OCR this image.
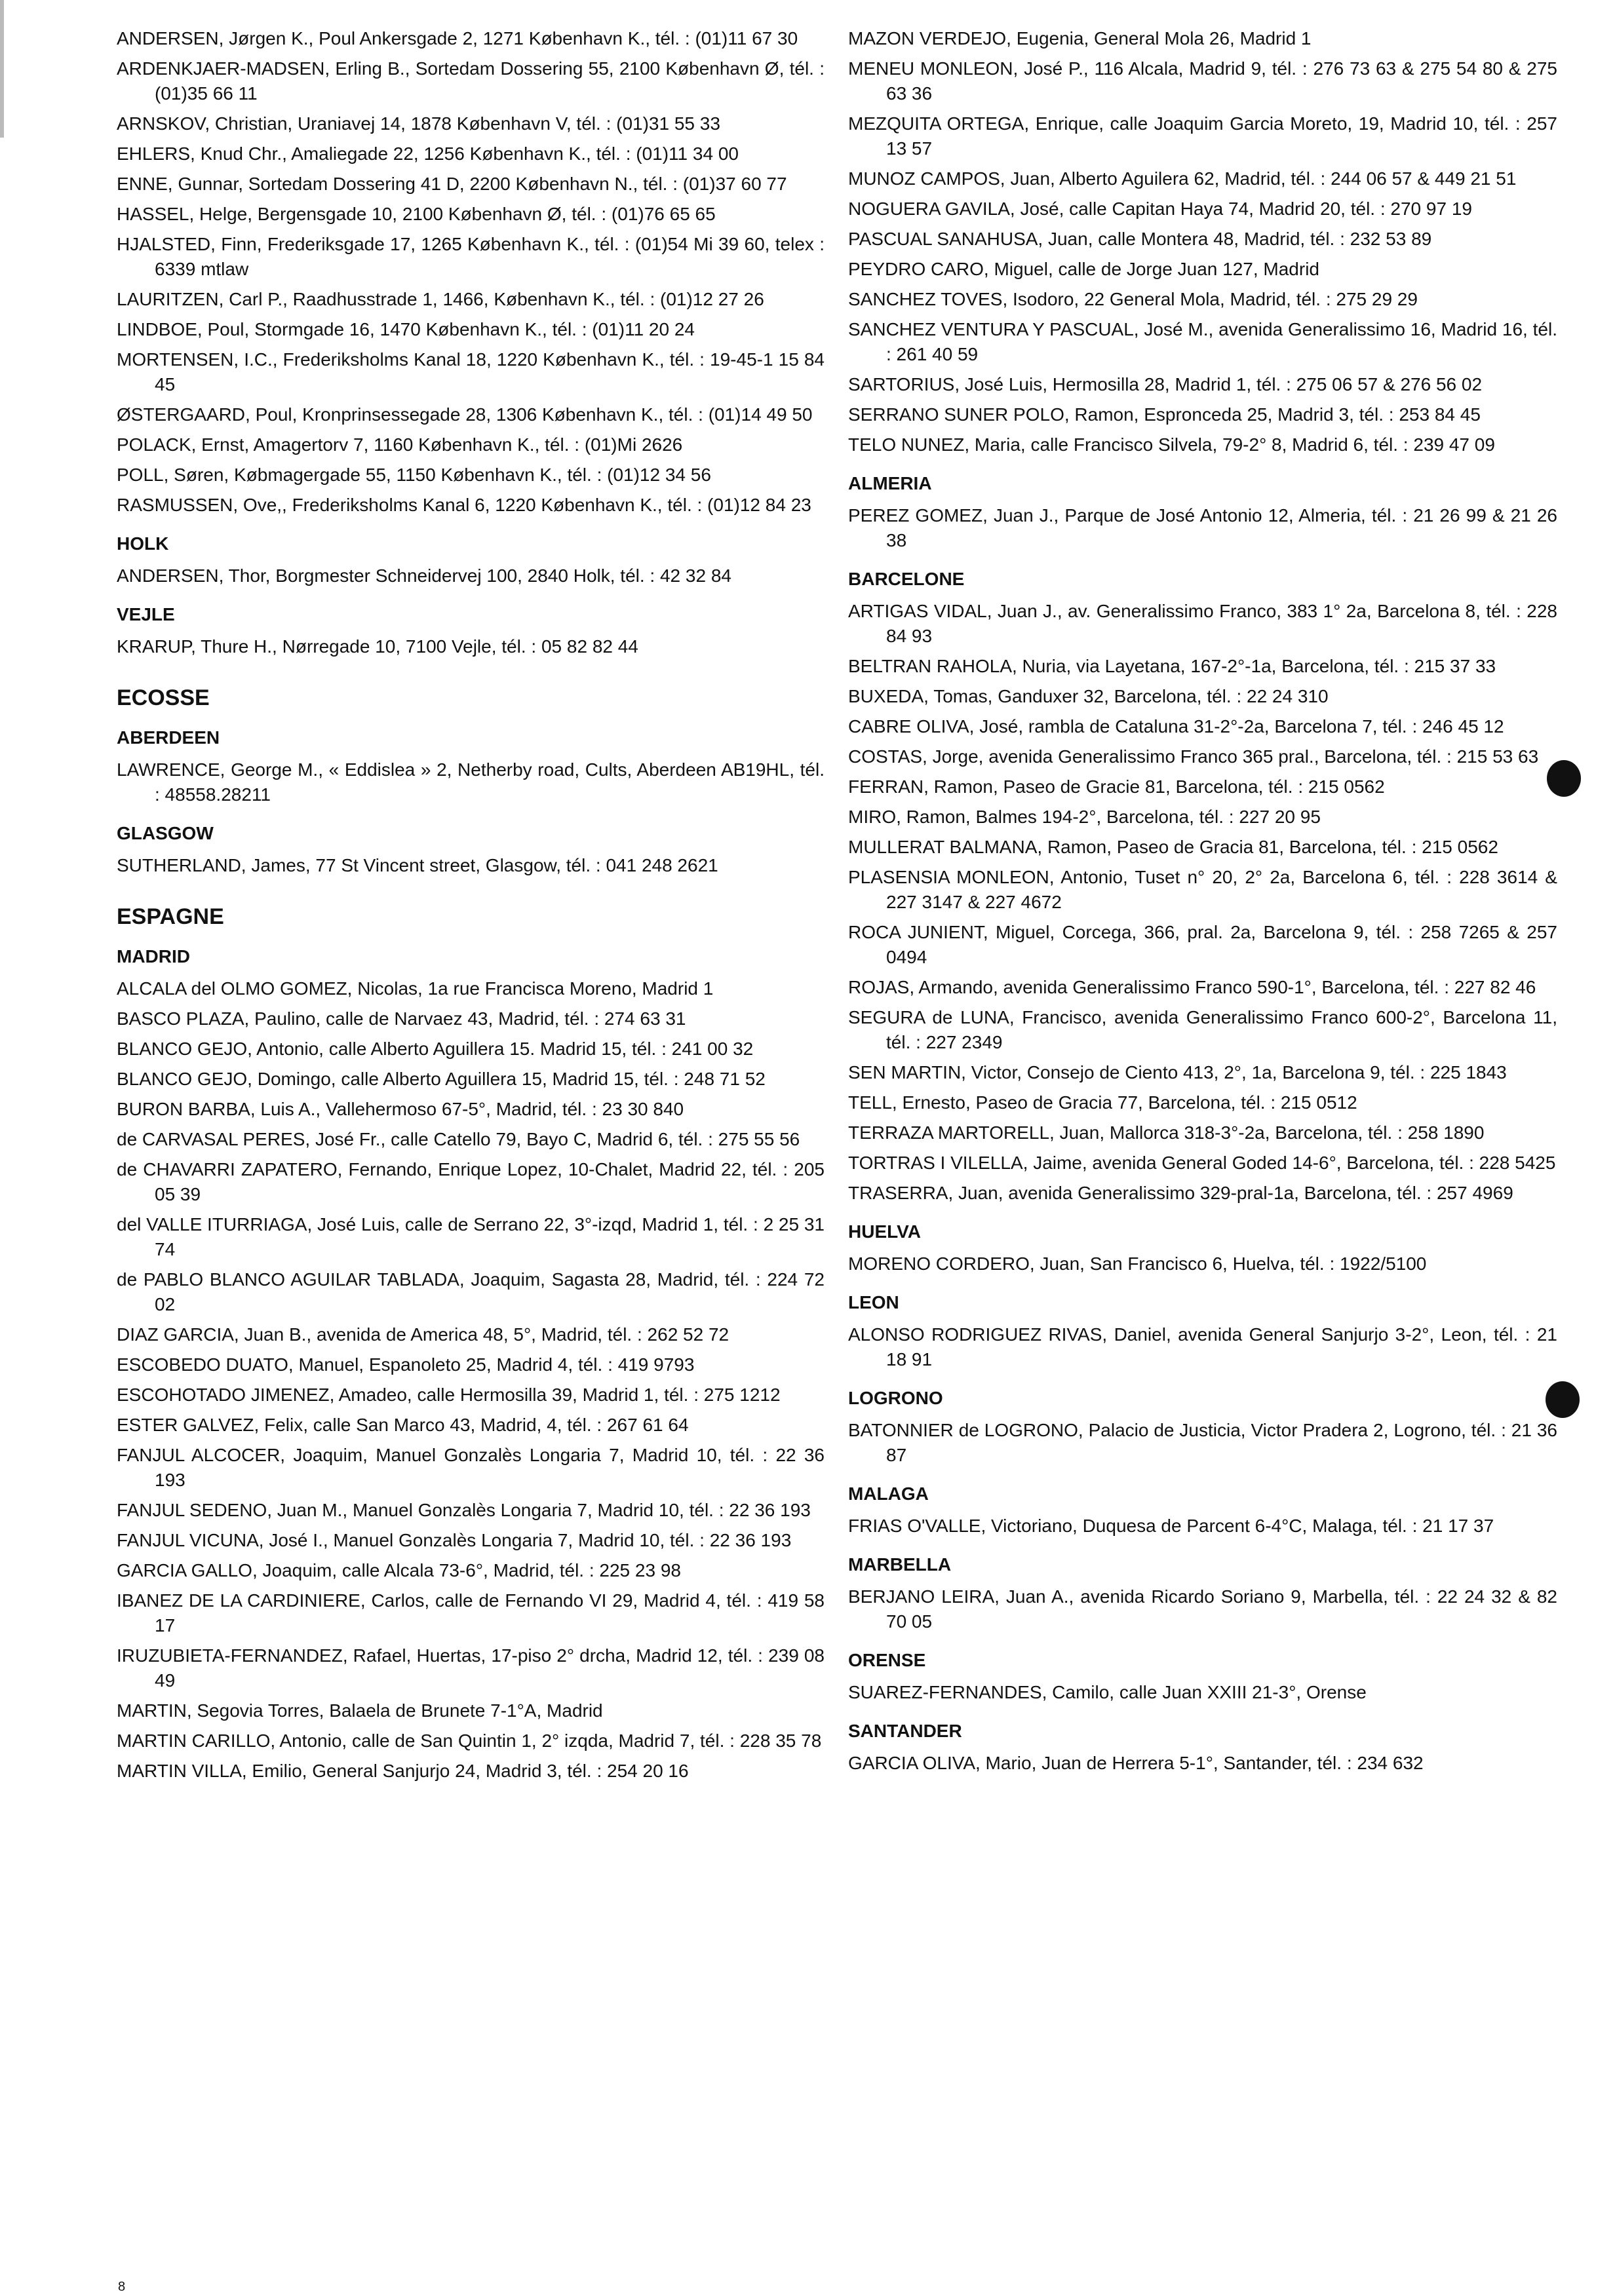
ANDERSEN, Jørgen K., Poul Ankersgade 2, 1271 København K., tél. : (01)11 67 30
ARDENKJAER-MADSEN, Erling B., Sortedam Dossering 55, 2100 København Ø, tél. : (01)35 66 11
ARNSKOV, Christian, Uraniavej 14, 1878 København V, tél. : (01)31 55 33
EHLERS, Knud Chr., Amaliegade 22, 1256 København K., tél. : (01)11 34 00
ENNE, Gunnar, Sortedam Dossering 41 D, 2200 København N., tél. : (01)37 60 77
HASSEL, Helge, Bergensgade 10, 2100 København Ø, tél. : (01)76 65 65
HJALSTED, Finn, Frederiksgade 17, 1265 København K., tél. : (01)54 Mi 39 60, telex : 6339 mtlaw
LAURITZEN, Carl P., Raadhusstrade 1, 1466, København K., tél. : (01)12 27 26
LINDBOE, Poul, Stormgade 16, 1470 København K., tél. : (01)11 20 24
MORTENSEN, I.C., Frederiksholms Kanal 18, 1220 København K., tél. : 19-45-1 15 84 45
ØSTERGAARD, Poul, Kronprinsessegade 28, 1306 København K., tél. : (01)14 49 50
POLACK, Ernst, Amagertorv 7, 1160 København K., tél. : (01)Mi 2626
POLL, Søren, Købmagergade 55, 1150 København K., tél. : (01)12 34 56
RASMUSSEN, Ove,, Frederiksholms Kanal 6, 1220 København K., tél. : (01)12 84 23
HOLK
ANDERSEN, Thor, Borgmester Schneidervej 100, 2840 Holk, tél. : 42 32 84
VEJLE
KRARUP, Thure H., Nørregade 10, 7100 Vejle, tél. : 05 82 82 44
ECOSSE
ABERDEEN
LAWRENCE, George M., « Eddislea » 2, Netherby road, Cults, Aberdeen AB19HL, tél. : 48558.28211
GLASGOW
SUTHERLAND, James, 77 St Vincent street, Glasgow, tél. : 041 248 2621
ESPAGNE
MADRID
ALCALA del OLMO GOMEZ, Nicolas, 1a rue Francisca Moreno, Madrid 1
BASCO PLAZA, Paulino, calle de Narvaez 43, Madrid, tél. : 274 63 31
BLANCO GEJO, Antonio, calle Alberto Aguillera 15. Madrid 15, tél. : 241 00 32
BLANCO GEJO, Domingo, calle Alberto Aguillera 15, Madrid 15, tél. : 248 71 52
BURON BARBA, Luis A., Vallehermoso 67-5°, Madrid, tél. : 23 30 840
de CARVASAL PERES, José Fr., calle Catello 79, Bayo C, Madrid 6, tél. : 275 55 56
de CHAVARRI ZAPATERO, Fernando, Enrique Lopez, 10-Chalet, Madrid 22, tél. : 205 05 39
del VALLE ITURRIAGA, José Luis, calle de Serrano 22, 3°-izqd, Madrid 1, tél. : 2 25 31 74
de PABLO BLANCO AGUILAR TABLADA, Joaquim, Sagasta 28, Madrid, tél. : 224 72 02
DIAZ GARCIA, Juan B., avenida de America 48, 5°, Madrid, tél. : 262 52 72
ESCOBEDO DUATO, Manuel, Espanoleto 25, Madrid 4, tél. : 419 9793
ESCOHOTADO JIMENEZ, Amadeo, calle Hermosilla 39, Madrid 1, tél. : 275 1212
ESTER GALVEZ, Felix, calle San Marco 43, Madrid, 4, tél. : 267 61 64
FANJUL ALCOCER, Joaquim, Manuel Gonzalès Longaria 7, Madrid 10, tél. : 22 36 193
FANJUL SEDENO, Juan M., Manuel Gonzalès Longaria 7, Madrid 10, tél. : 22 36 193
FANJUL VICUNA, José I., Manuel Gonzalès Longaria 7, Madrid 10, tél. : 22 36 193
GARCIA GALLO, Joaquim, calle Alcala 73-6°, Madrid, tél. : 225 23 98
IBANEZ DE LA CARDINIERE, Carlos, calle de Fernando VI 29, Madrid 4, tél. : 419 58 17
IRUZUBIETA-FERNANDEZ, Rafael, Huertas, 17-piso 2° drcha, Madrid 12, tél. : 239 08 49
MARTIN, Segovia Torres, Balaela de Brunete 7-1°A, Madrid
MARTIN CARILLO, Antonio, calle de San Quintin 1, 2° izqda, Madrid 7, tél. : 228 35 78
MARTIN VILLA, Emilio, General Sanjurjo 24, Madrid 3, tél. : 254 20 16
MAZON VERDEJO, Eugenia, General Mola 26, Madrid 1
MENEU MONLEON, José P., 116 Alcala, Madrid 9, tél. : 276 73 63 & 275 54 80 & 275 63 36
MEZQUITA ORTEGA, Enrique, calle Joaquim Garcia Moreto, 19, Madrid 10, tél. : 257 13 57
MUNOZ CAMPOS, Juan, Alberto Aguilera 62, Madrid, tél. : 244 06 57 & 449 21 51
NOGUERA GAVILA, José, calle Capitan Haya 74, Madrid 20, tél. : 270 97 19
PASCUAL SANAHUSA, Juan, calle Montera 48, Madrid, tél. : 232 53 89
PEYDRO CARO, Miguel, calle de Jorge Juan 127, Madrid
SANCHEZ TOVES, Isodoro, 22 General Mola, Madrid, tél. : 275 29 29
SANCHEZ VENTURA Y PASCUAL, José M., avenida Generalissimo 16, Madrid 16, tél. : 261 40 59
SARTORIUS, José Luis, Hermosilla 28, Madrid 1, tél. : 275 06 57 & 276 56 02
SERRANO SUNER POLO, Ramon, Espronceda 25, Madrid 3, tél. : 253 84 45
TELO NUNEZ, Maria, calle Francisco Silvela, 79-2° 8, Madrid 6, tél. : 239 47 09
ALMERIA
PEREZ GOMEZ, Juan J., Parque de José Antonio 12, Almeria, tél. : 21 26 99 & 21 26 38
BARCELONE
ARTIGAS VIDAL, Juan J., av. Generalissimo Franco, 383 1° 2a, Barcelona 8, tél. : 228 84 93
BELTRAN RAHOLA, Nuria, via Layetana, 167-2°-1a, Barcelona, tél. : 215 37 33
BUXEDA, Tomas, Ganduxer 32, Barcelona, tél. : 22 24 310
CABRE OLIVA, José, rambla de Cataluna 31-2°-2a, Barcelona 7, tél. : 246 45 12
COSTAS, Jorge, avenida Generalissimo Franco 365 pral., Barcelona, tél. : 215 53 63
FERRAN, Ramon, Paseo de Gracie 81, Barcelona, tél. : 215 0562
MIRO, Ramon, Balmes 194-2°, Barcelona, tél. : 227 20 95
MULLERAT BALMANA, Ramon, Paseo de Gracia 81, Barcelona, tél. : 215 0562
PLASENSIA MONLEON, Antonio, Tuset n° 20, 2° 2a, Barcelona 6, tél. : 228 3614 & 227 3147 & 227 4672
ROCA JUNIENT, Miguel, Corcega, 366, pral. 2a, Barcelona 9, tél. : 258 7265 & 257 0494
ROJAS, Armando, avenida Generalissimo Franco 590-1°, Barcelona, tél. : 227 82 46
SEGURA de LUNA, Francisco, avenida Generalissimo Franco 600-2°, Barcelona 11, tél. : 227 2349
SEN MARTIN, Victor, Consejo de Ciento 413, 2°, 1a, Barcelona 9, tél. : 225 1843
TELL, Ernesto, Paseo de Gracia 77, Barcelona, tél. : 215 0512
TERRAZA MARTORELL, Juan, Mallorca 318-3°-2a, Barcelona, tél. : 258 1890
TORTRAS I VILELLA, Jaime, avenida General Goded 14-6°, Barcelona, tél. : 228 5425
TRASERRA, Juan, avenida Generalissimo 329-pral-1a, Barcelona, tél. : 257 4969
HUELVA
MORENO CORDERO, Juan, San Francisco 6, Huelva, tél. : 1922/5100
LEON
ALONSO RODRIGUEZ RIVAS, Daniel, avenida General Sanjurjo 3-2°, Leon, tél. : 21 18 91
LOGRONO
BATONNIER de LOGRONO, Palacio de Justicia, Victor Pradera 2, Logrono, tél. : 21 36 87
MALAGA
FRIAS O'VALLE, Victoriano, Duquesa de Parcent 6-4°C, Malaga, tél. : 21 17 37
MARBELLA
BERJANO LEIRA, Juan A., avenida Ricardo Soriano 9, Marbella, tél. : 22 24 32 & 82 70 05
ORENSE
SUAREZ-FERNANDES, Camilo, calle Juan XXIII 21-3°, Orense
SANTANDER
GARCIA OLIVA, Mario, Juan de Herrera 5-1°, Santander, tél. : 234 632
8
